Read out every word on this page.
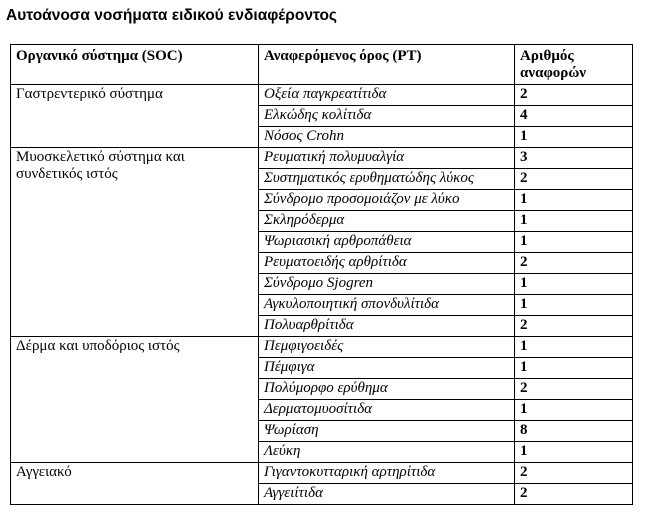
Αυτοάνοσα νοσήματα ειδικού ενδιαφέροντος
Οργανικό σύστημα (SOC)	Αναφερόμενος όρος (PT)	Αριθμός αναφορών
Γαστρεντερικό σύστημα	Οξεία παγκρεατίτιδα	2
	Ελκώδης κολίτιδα	4
	Νόσος Crohn	1
Μυοσκελετικό σύστημα και συνδετικός ιστός	Ρευματική πολυμυαλγία	3
	Συστηματικός ερυθηματώδης λύκος	2
	Σύνδρομο προσομοιάζον με λύκο	1
	Σκληρόδερμα	1
	Ψωριασική αρθροπάθεια	1
	Ρευματοειδής αρθρίτιδα	2
	Σύνδρομο Sjogren	1
	Αγκυλοποιητική σπονδυλίτιδα	1
	Πολυαρθρίτιδα	2
Δέρμα και υποδόριος ιστός	Πεμφιγοειδές	1
	Πέμφιγα	1
	Πολύμορφο ερύθημα	2
	Δερματομυοσίτιδα	1
	Ψωρίαση	8
	Λεύκη	1
Αγγειακό	Γιγαντοκυτταρική αρτηρίτιδα	2
	Αγγειίτιδα	2
